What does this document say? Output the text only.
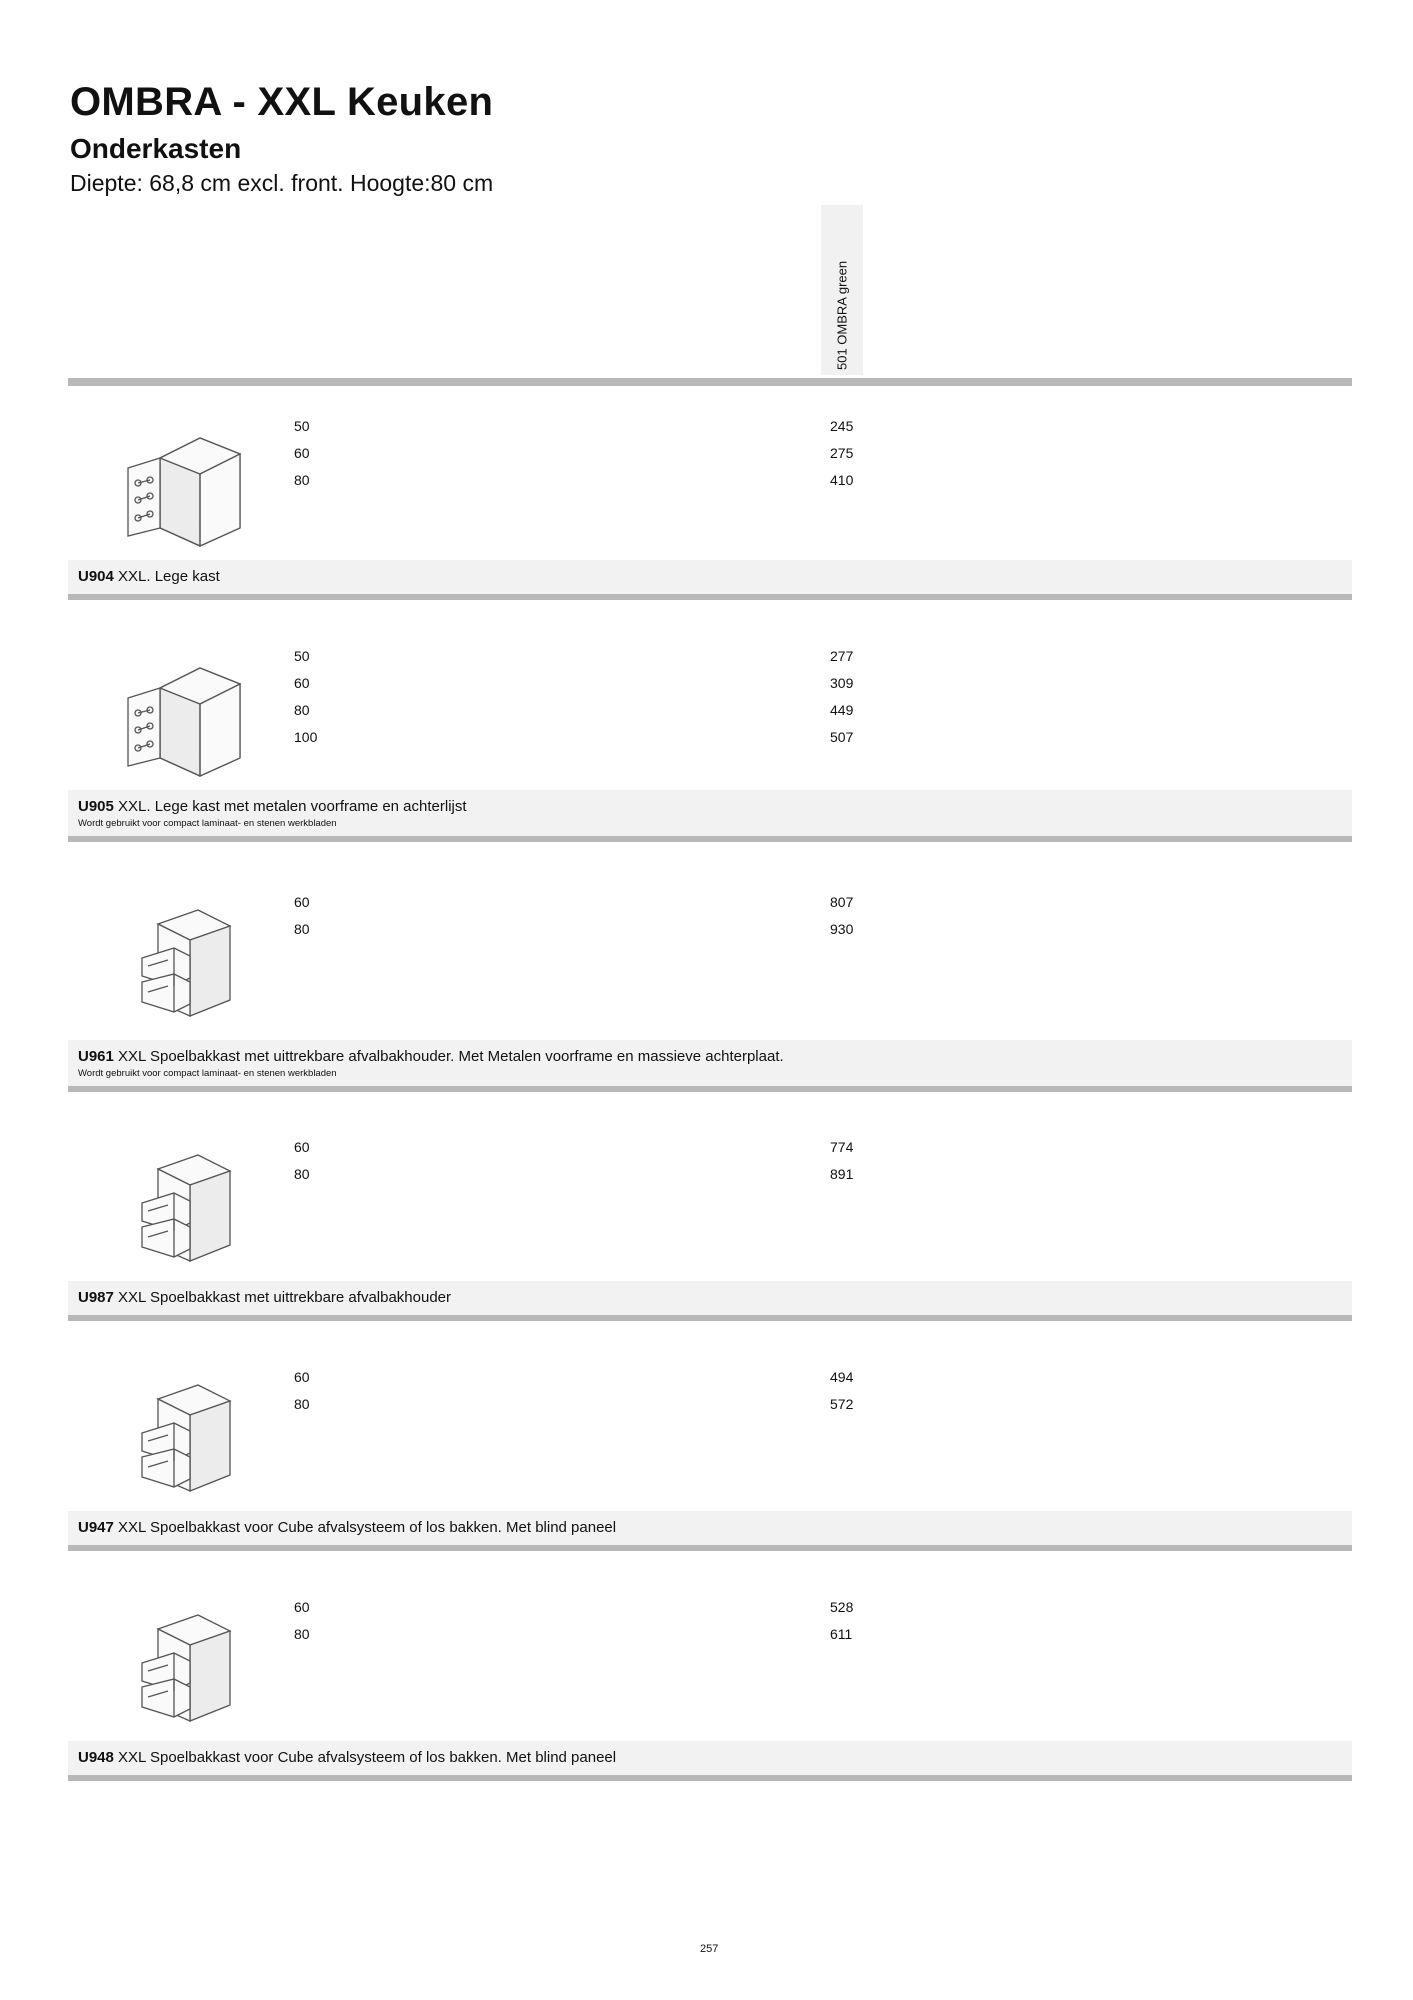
OMBRA - XXL Keuken
Onderkasten
Diepte: 68,8 cm excl. front. Hoogte:80 cm
501 OMBRA green
50
60
80
245
275
410
U904 XXL. Lege kast
50
60
80
100
277
309
449
507
U905 XXL. Lege kast met metalen voorframe en achterlijst
Wordt gebruikt voor compact laminaat- en stenen werkbladen
60
80
807
930
U961 XXL Spoelbakkast met uittrekbare afvalbakhouder. Met Metalen voorframe en massieve achterplaat.
Wordt gebruikt voor compact laminaat- en stenen werkbladen
60
80
774
891
U987 XXL Spoelbakkast met uittrekbare afvalbakhouder
60
80
494
572
U947 XXL Spoelbakkast voor Cube afvalsysteem of los bakken. Met blind paneel
60
80
528
611
U948 XXL Spoelbakkast voor Cube afvalsysteem of los bakken. Met blind paneel
257
